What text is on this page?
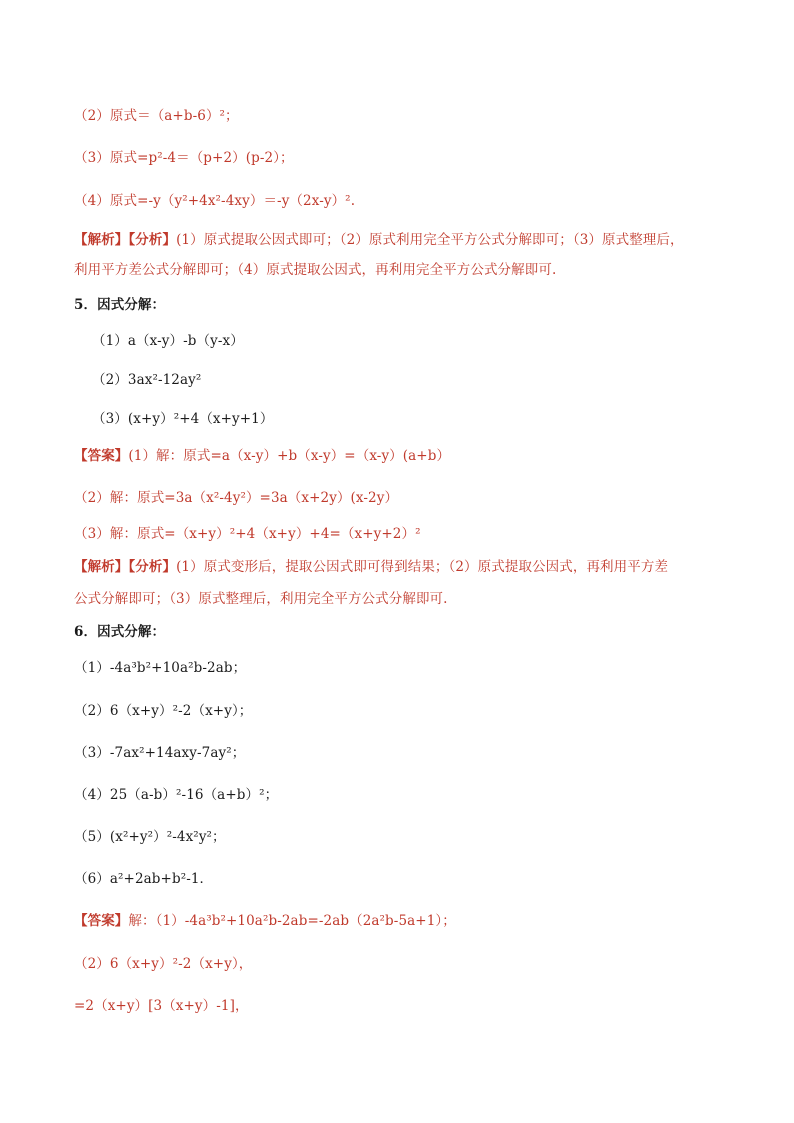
（2）原式＝（a+b-6）²；
（3）原式=p²-4＝（p+2）(p-2）；
（4）原式=-y（y²+4x²-4xy）＝-y（2x-y）².
【解析】【分析】(1）原式提取公因式即可；（2）原式利用完全平方公式分解即可；（3）原式整理后，
利用平方差公式分解即可；（4）原式提取公因式，再利用完全平方公式分解即可.
5．因式分解：
（1）a（x-y）-b（y-x）
（2）3ax²-12ay²
（3）(x+y）²+4（x+y+1）
【答案】(1）解：原式=a（x-y）+b（x-y）=（x-y）(a+b）
（2）解：原式=3a（x²-4y²）=3a（x+2y）(x-2y）
（3）解：原式=（x+y）²+4（x+y）+4=（x+y+2）²
【解析】【分析】(1）原式变形后，提取公因式即可得到结果；（2）原式提取公因式，再利用平方差
公式分解即可；（3）原式整理后，利用完全平方公式分解即可.
6．因式分解：
（1）-4a³b²+10a²b-2ab；
（2）6（x+y）²-2（x+y）；
（3）-7ax²+14axy-7ay²；
（4）25（a-b）²-16（a+b）²；
（5）(x²+y²）²-4x²y²；
（6）a²+2ab+b²-1．
【答案】解：（1）-4a³b²+10a²b-2ab=-2ab（2a²b-5a+1）；
（2）6（x+y）²-2（x+y），
=2（x+y）[3（x+y）-1]，
